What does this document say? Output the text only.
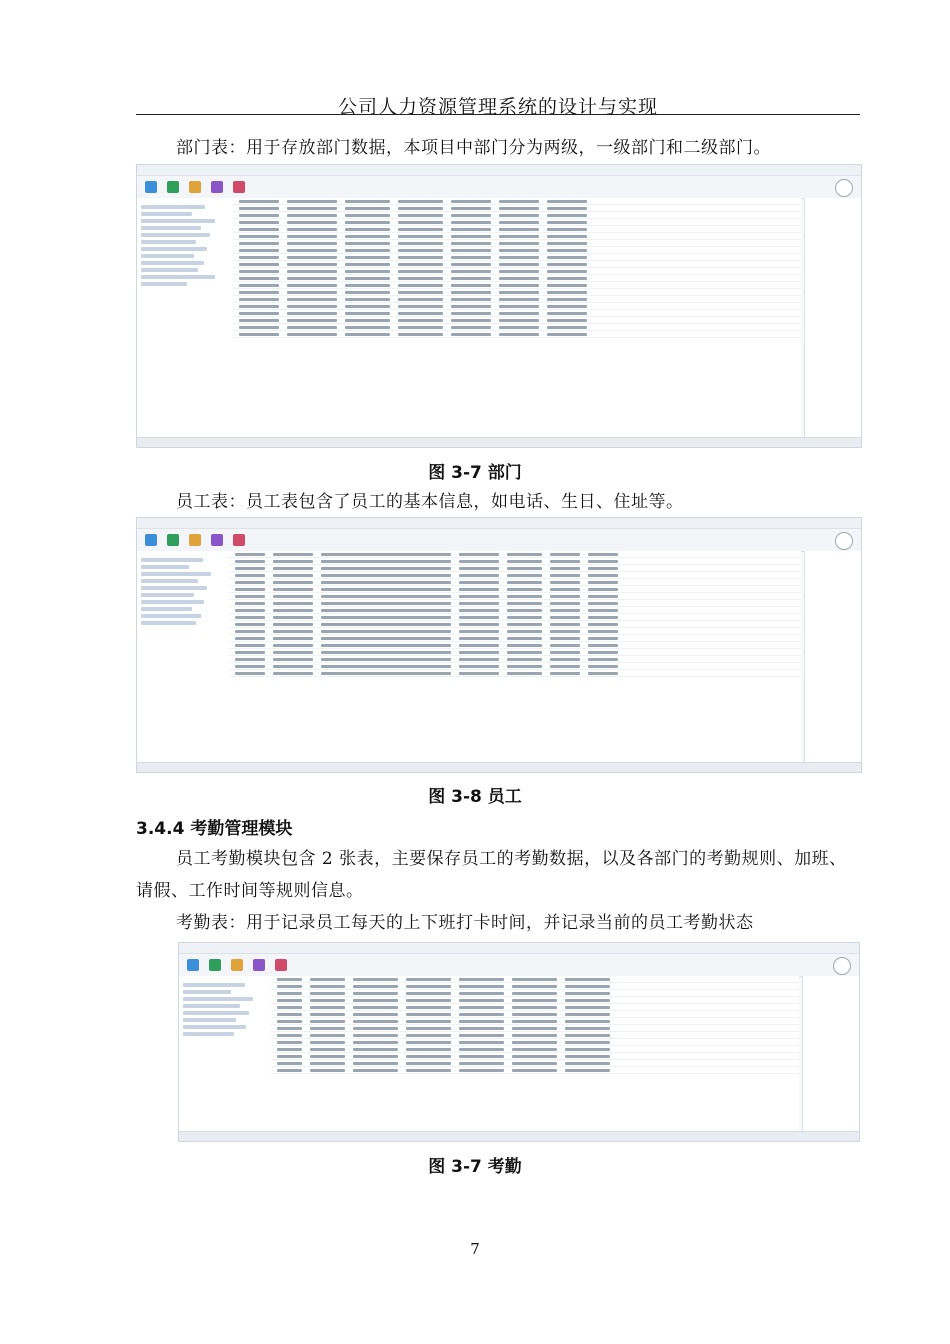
公司人力资源管理系统的设计与实现
部门表：用于存放部门数据，本项目中部门分为两级，一级部门和二级部门。
图 3-7 部门
员工表：员工表包含了员工的基本信息，如电话、生日、住址等。
图 3-8 员工
3.4.4 考勤管理模块
员工考勤模块包含 2 张表，主要保存员工的考勤数据，以及各部门的考勤规则、加班、请假、工作时间等规则信息。
考勤表：用于记录员工每天的上下班打卡时间，并记录当前的员工考勤状态
图 3-7 考勤
7
